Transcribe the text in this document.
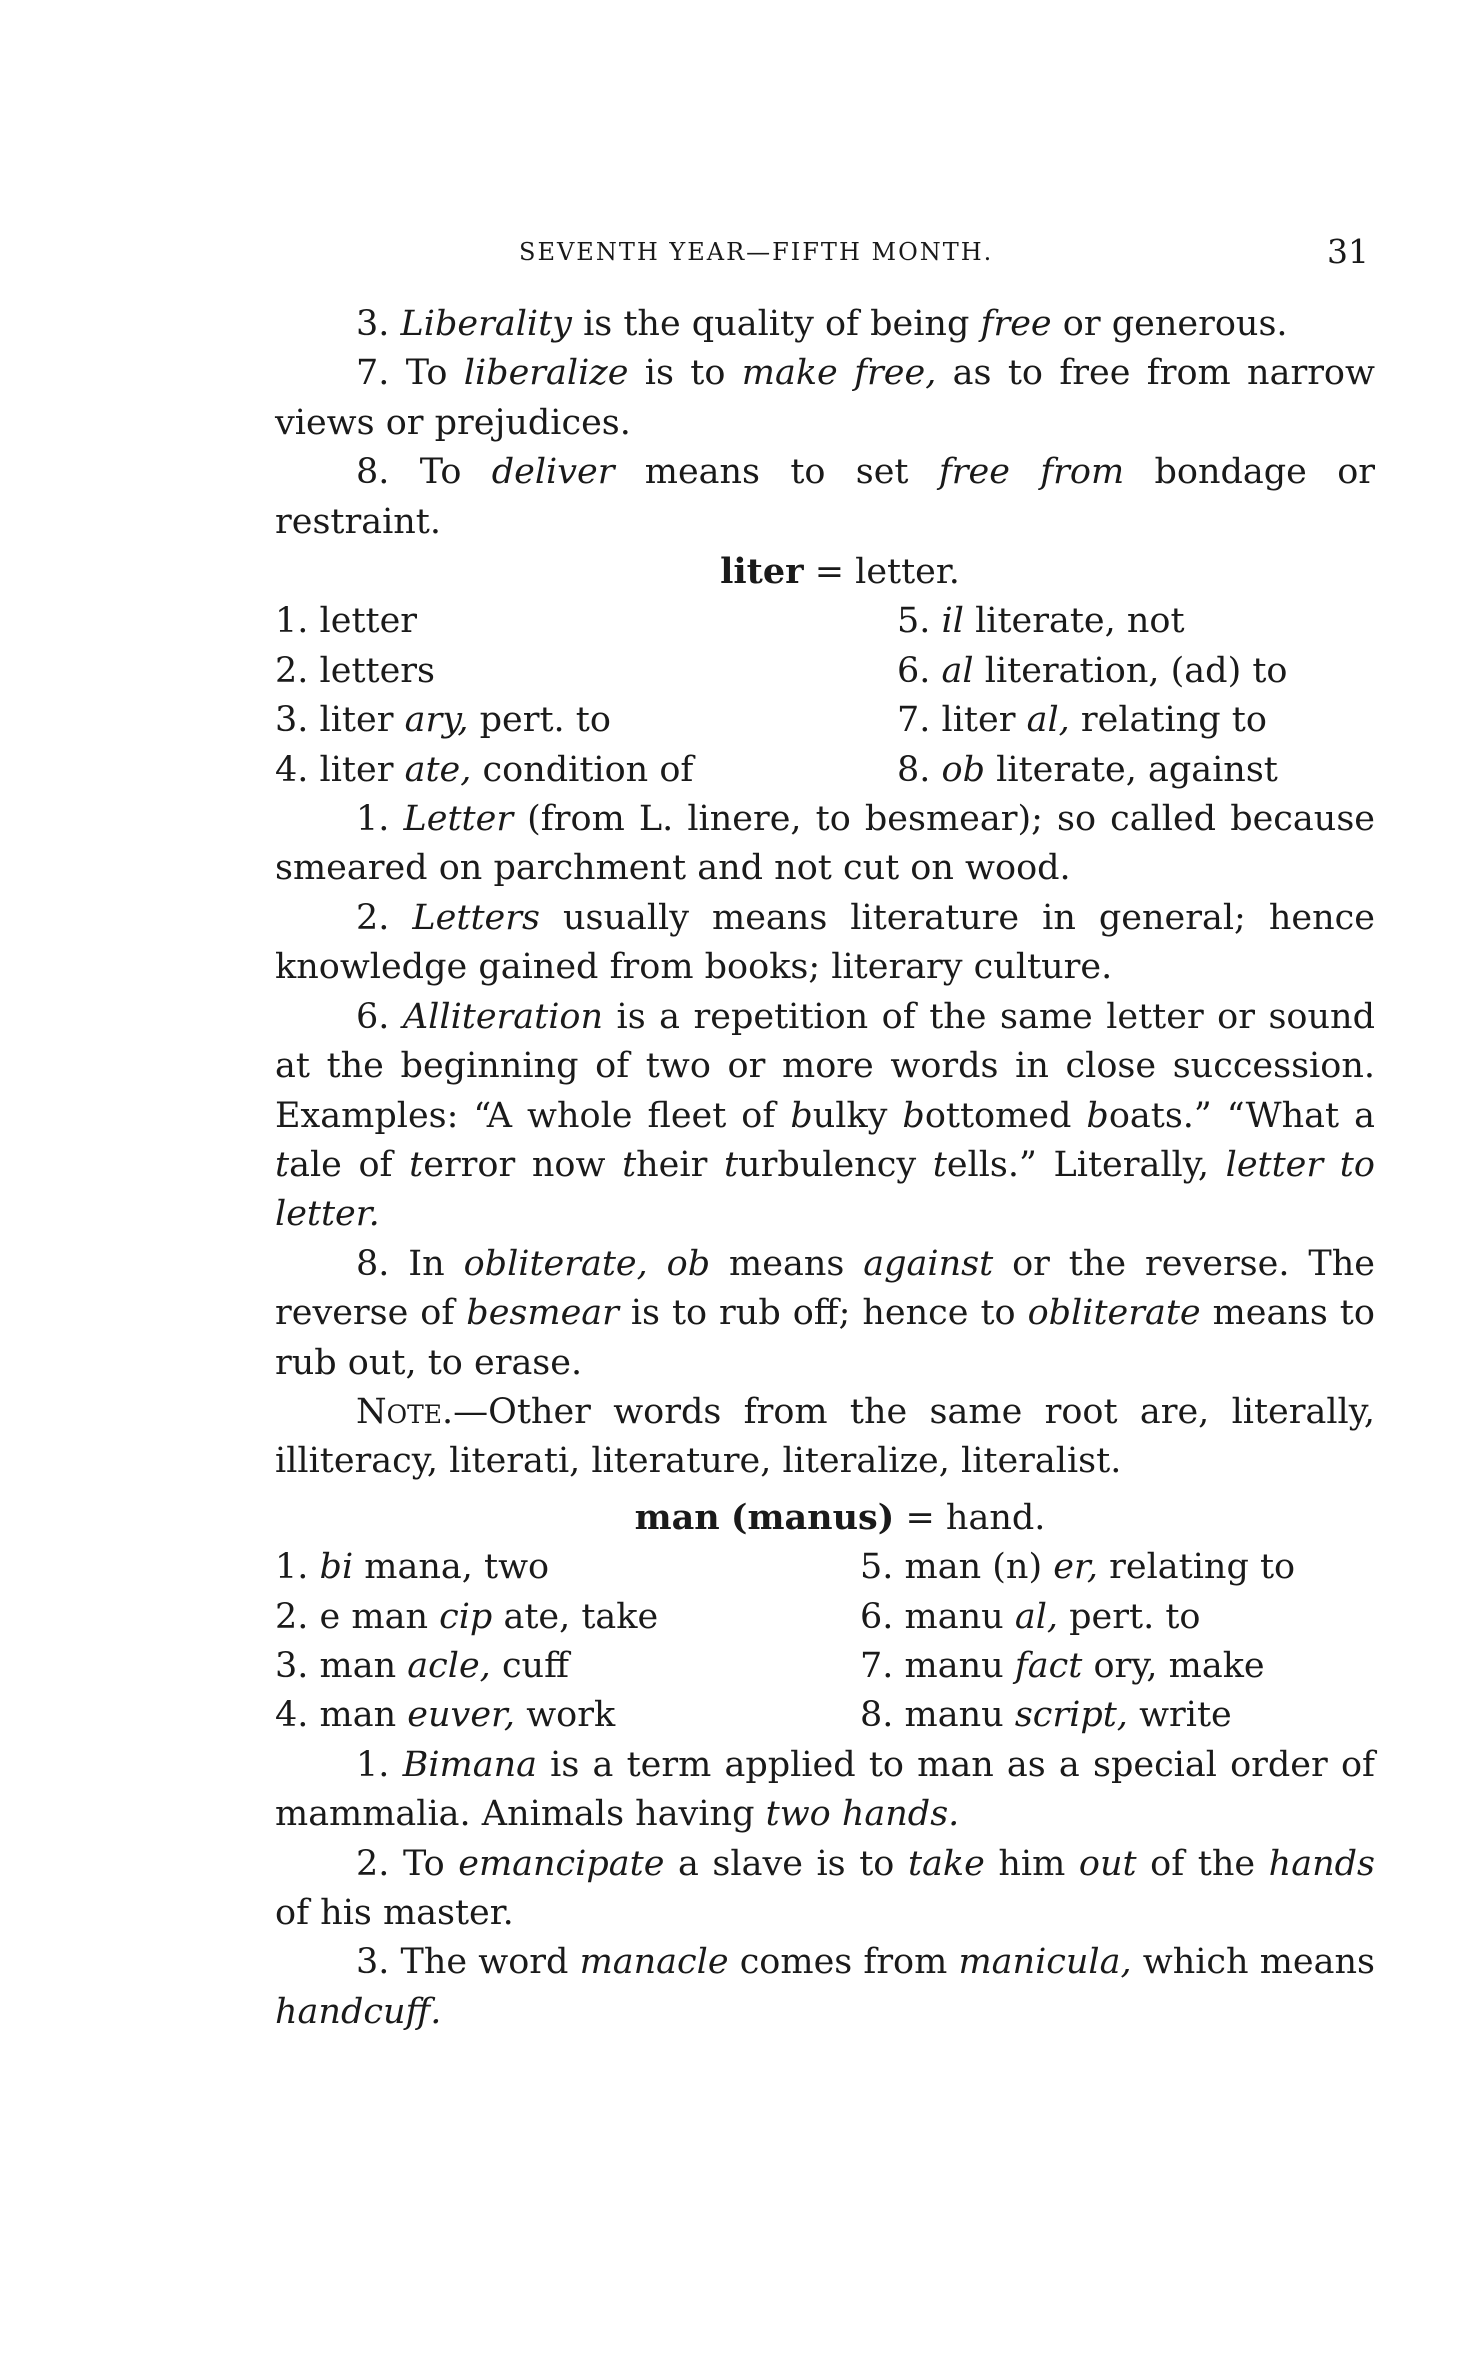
SEVENTH YEAR—FIFTH MONTH.	31

3. Liberality is the quality of being free or generous.

7. To liberalize is to make free, as to free from narrow views or prejudices.

8. To deliver means to set free from bondage or restraint.

liter = letter.

1. letter	5. il literate, not
2. letters	6. al literation, (ad) to
3. liter ary, pert. to	7. liter al, relating to
4. liter ate, condition of	8. ob literate, against

1. Letter (from L. linere, to besmear); so called because smeared on parchment and not cut on wood.

2. Letters usually means literature in general; hence knowledge gained from books; literary culture.

6. Alliteration is a repetition of the same letter or sound at the beginning of two or more words in close succession. Examples: “A whole fleet of bulky bottomed boats.” “What a tale of terror now their turbulency tells.” Literally, letter to letter.

8. In obliterate, ob means against or the reverse. The reverse of besmear is to rub off; hence to obliterate means to rub out, to erase.

Note.—Other words from the same root are, literally, illiteracy, literati, literature, literalize, literalist.

man (manus) = hand.

1. bi mana, two	5. man (n) er, relating to
2. e man cip ate, take	6. manu al, pert. to
3. man acle, cuff	7. manu fact ory, make
4. man euver, work	8. manu script, write

1. Bimana is a term applied to man as a special order of mammalia. Animals having two hands.

2. To emancipate a slave is to take him out of the hands of his master.

3. The word manacle comes from manicula, which means handcuff.
